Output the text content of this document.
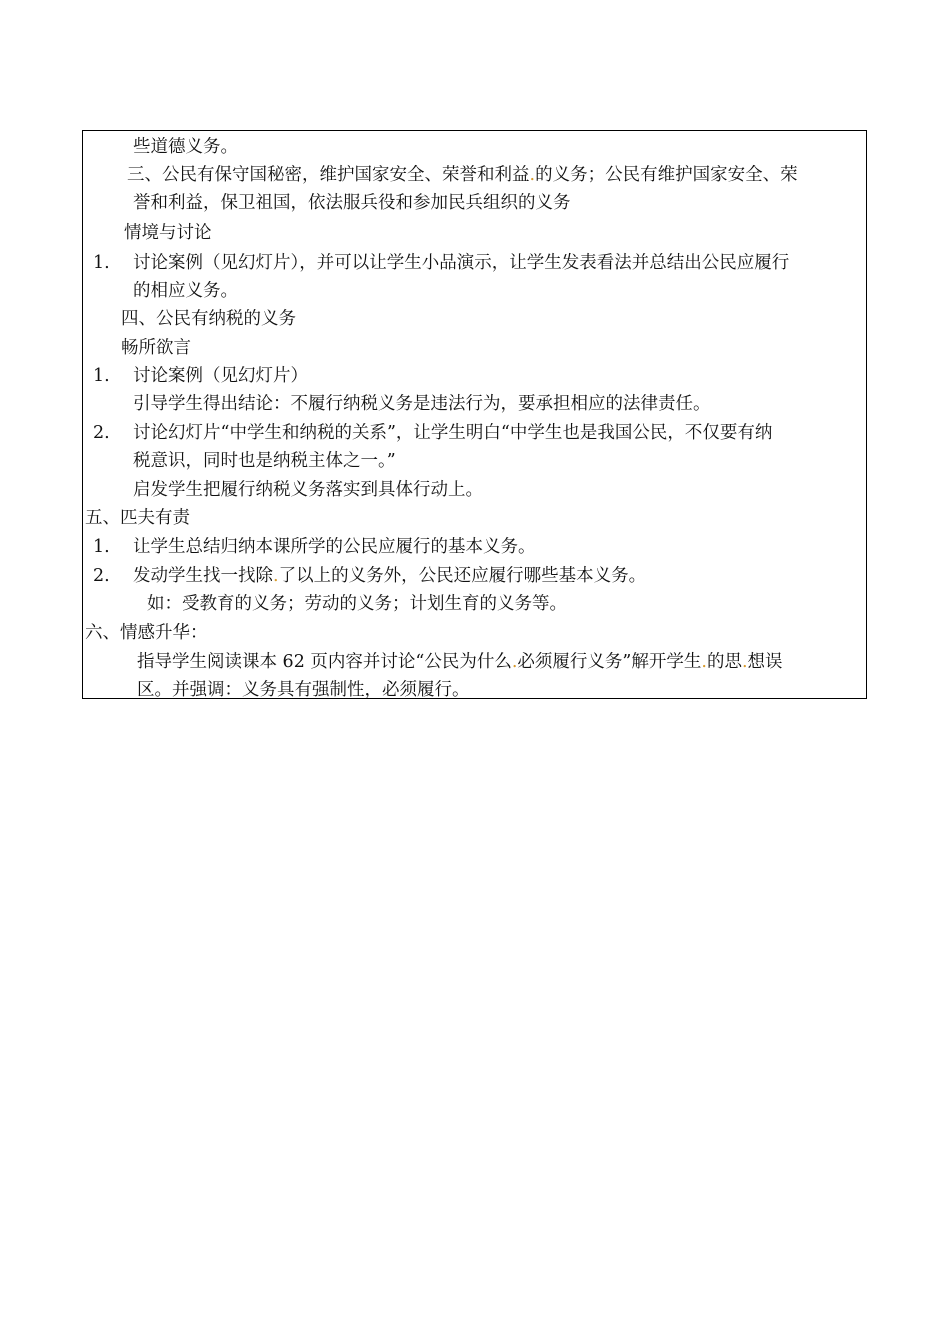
些道德义务。
三、公民有保守国秘密，维护国家安全、荣誉和利益.的义务；公民有维护国家安全、荣
誉和利益，保卫祖国，依法服兵役和参加民兵组织的义务
情境与讨论
1. 讨论案例（见幻灯片），并可以让学生小品演示，让学生发表看法并总结出公民应履行
的相应义务。
四、公民有纳税的义务
畅所欲言
1. 讨论案例（见幻灯片）
引导学生得出结论：不履行纳税义务是违法行为，要承担相应的法律责任。
2. 讨论幻灯片“中学生和纳税的关系”，让学生明白“中学生也是我国公民，不仅要有纳
税意识，同时也是纳税主体之一。”
启发学生把履行纳税义务落实到具体行动上。
五、匹夫有责
1. 让学生总结归纳本课所学的公民应履行的基本义务。
2. 发动学生找一找除.了以上的义务外，公民还应履行哪些基本义务。
如：受教育的义务；劳动的义务；计划生育的义务等。
六、情感升华：
指导学生阅读课本 62 页内容并讨论“公民为什么.必须履行义务”解开学生.的思.想误
区。并强调：义务具有强制性，必须履行。
